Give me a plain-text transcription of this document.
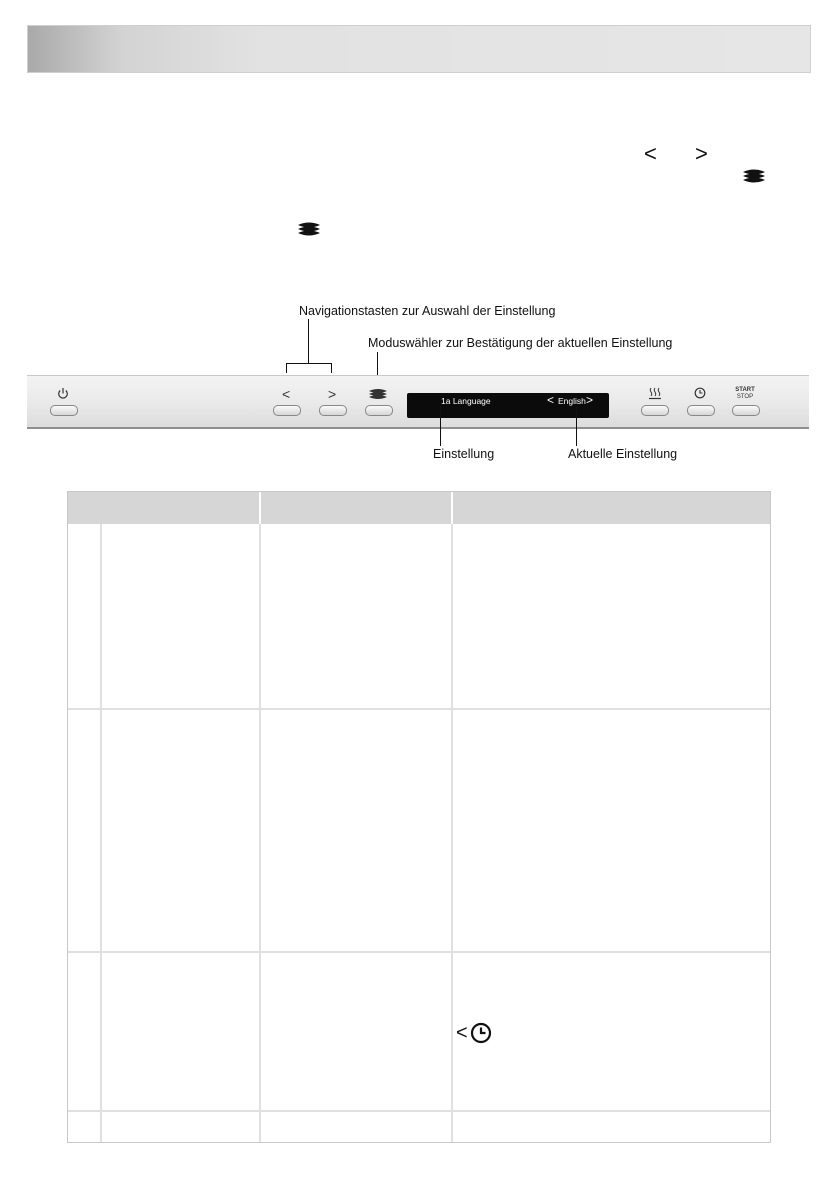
< >
Navigationstasten zur Auswahl der Einstellung
Moduswähler zur Bestätigung der aktuellen Einstellung
<	>	1a Language	< English >
START
STOP
Einstellung	Aktuelle Einstellung
<
